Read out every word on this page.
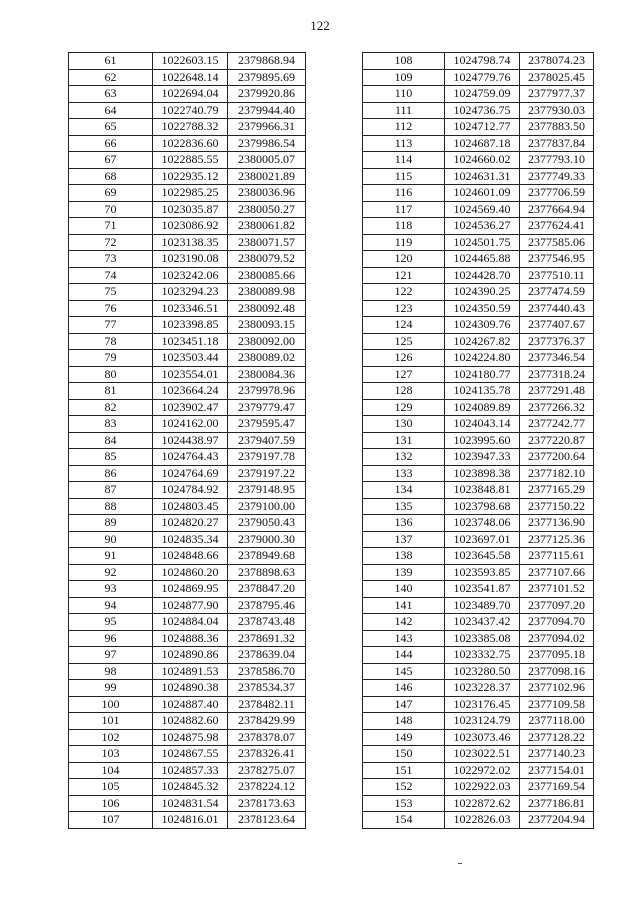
122
61	1022603.15	2379868.94
62	1022648.14	2379895.69
63	1022694.04	2379920.86
64	1022740.79	2379944.40
65	1022788.32	2379966.31
66	1022836.60	2379986.54
67	1022885.55	2380005.07
68	1022935.12	2380021.89
69	1022985.25	2380036.96
70	1023035.87	2380050.27
71	1023086.92	2380061.82
72	1023138.35	2380071.57
73	1023190.08	2380079.52
74	1023242.06	2380085.66
75	1023294.23	2380089.98
76	1023346.51	2380092.48
77	1023398.85	2380093.15
78	1023451.18	2380092.00
79	1023503.44	2380089.02
80	1023554.01	2380084.36
81	1023664.24	2379978.96
82	1023902.47	2379779.47
83	1024162.00	2379595.47
84	1024438.97	2379407.59
85	1024764.43	2379197.78
86	1024764.69	2379197.22
87	1024784.92	2379148.95
88	1024803.45	2379100.00
89	1024820.27	2379050.43
90	1024835.34	2379000.30
91	1024848.66	2378949.68
92	1024860.20	2378898.63
93	1024869.95	2378847.20
94	1024877.90	2378795.46
95	1024884.04	2378743.48
96	1024888.36	2378691.32
97	1024890.86	2378639.04
98	1024891.53	2378586.70
99	1024890.38	2378534.37
100	1024887.40	2378482.11
101	1024882.60	2378429.99
102	1024875.98	2378378.07
103	1024867.55	2378326.41
104	1024857.33	2378275.07
105	1024845.32	2378224.12
106	1024831.54	2378173.63
107	1024816.01	2378123.64
108	1024798.74	2378074.23
109	1024779.76	2378025.45
110	1024759.09	2377977.37
111	1024736.75	2377930.03
112	1024712.77	2377883.50
113	1024687.18	2377837.84
114	1024660.02	2377793.10
115	1024631.31	2377749.33
116	1024601.09	2377706.59
117	1024569.40	2377664.94
118	1024536.27	2377624.41
119	1024501.75	2377585.06
120	1024465.88	2377546.95
121	1024428.70	2377510.11
122	1024390.25	2377474.59
123	1024350.59	2377440.43
124	1024309.76	2377407.67
125	1024267.82	2377376.37
126	1024224.80	2377346.54
127	1024180.77	2377318.24
128	1024135.78	2377291.48
129	1024089.89	2377266.32
130	1024043.14	2377242.77
131	1023995.60	2377220.87
132	1023947.33	2377200.64
133	1023898.38	2377182.10
134	1023848.81	2377165.29
135	1023798.68	2377150.22
136	1023748.06	2377136.90
137	1023697.01	2377125.36
138	1023645.58	2377115.61
139	1023593.85	2377107.66
140	1023541.87	2377101.52
141	1023489.70	2377097.20
142	1023437.42	2377094.70
143	1023385.08	2377094.02
144	1023332.75	2377095.18
145	1023280.50	2377098.16
146	1023228.37	2377102.96
147	1023176.45	2377109.58
148	1023124.79	2377118.00
149	1023073.46	2377128.22
150	1023022.51	2377140.23
151	1022972.02	2377154.01
152	1022922.03	2377169.54
153	1022872.62	2377186.81
154	1022826.03	2377204.94
